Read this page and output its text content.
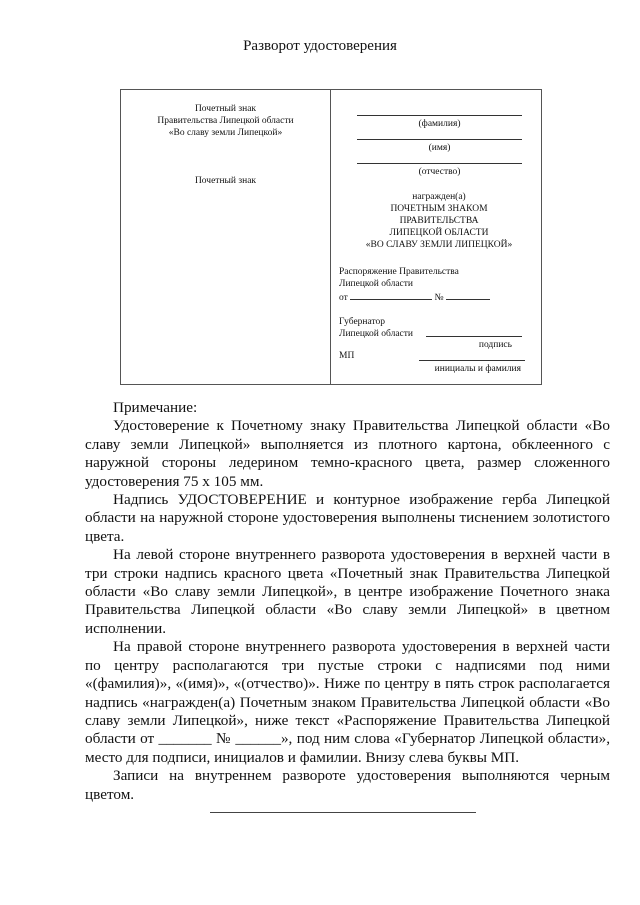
Разворот удостоверения
Почетный знак
Правительства Липецкой области
«Во славу земли Липецкой»
Почетный знак
(фамилия)
(имя)
(отчество)
награжден(а)
ПОЧЕТНЫМ ЗНАКОМ
ПРАВИТЕЛЬСТВА
ЛИПЕЦКОЙ ОБЛАСТИ
«ВО СЛАВУ ЗЕМЛИ ЛИПЕЦКОЙ»
Распоряжение Правительства
Липецкой области
от	№
Губернатор
Липецкой области
подпись
МП
инициалы и фамилия

Примечание:

Удостоверение к Почетному знаку Правительства Липецкой области «Во славу земли Липецкой» выполняется из плотного картона, обклеенного с наружной стороны ледерином темно-красного цвета, размер сложенного удостоверения 75 х 105 мм.

Надпись УДОСТОВЕРЕНИЕ и контурное изображение герба Липецкой области на наружной стороне удостоверения выполнены тиснением золотистого цвета.

На левой стороне внутреннего разворота удостоверения в верхней части в три строки надпись красного цвета «Почетный знак Правительства Липецкой области «Во славу земли Липецкой», в центре изображение Почетного знака Правительства Липецкой области «Во славу земли Липецкой» в цветном исполнении.

На правой стороне внутреннего разворота удостоверения в верхней части по центру располагаются три пустые строки с надписями под ними «(фамилия)», «(имя)», «(отчество)». Ниже по центру в пять строк располагается надпись «награжден(а) Почетным знаком Правительства Липецкой области «Во славу земли Липецкой», ниже текст «Распоряжение Правительства Липецкой области от _______ № ______», под ним слова «Губернатор Липецкой области», место для подписи, инициалов и фамилии. Внизу слева буквы МП.

Записи на внутреннем развороте удостоверения выполняются черным цветом.
